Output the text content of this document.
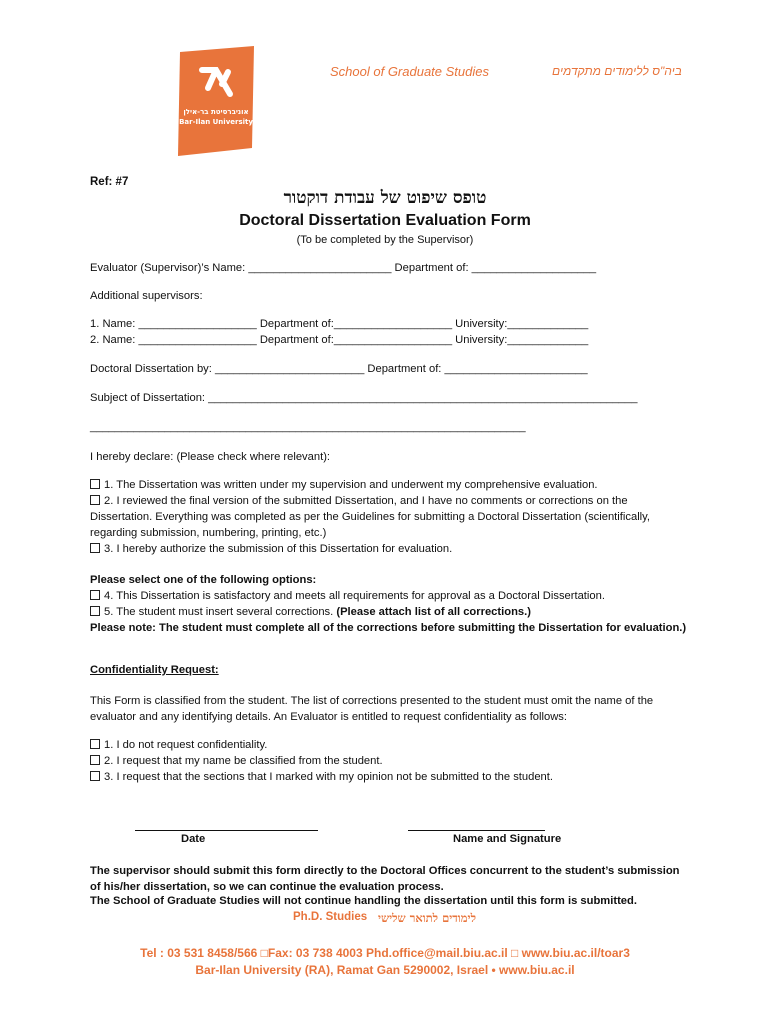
אוניברסיטת בר-אילן
Bar-Ilan University
School of Graduate Studies	ביה"ס ללימודים מתקדמים
Ref: #7
טופס שיפוט של עבודת דוקטור
Doctoral Dissertation Evaluation Form
(To be completed by the Supervisor)
Evaluator (Supervisor)’s Name: _______________________ Department of: ____________________
Additional supervisors:
1. Name: ___________________ Department of:___________________ University:_____________
2. Name: ___________________ Department of:___________________ University:_____________
Doctoral Dissertation by: ________________________ Department of: _______________________
Subject of Dissertation: _____________________________________________________________________
______________________________________________________________________
I hereby declare: (Please check where relevant):
1. The Dissertation was written under my supervision and underwent my comprehensive evaluation.
2. I reviewed the final version of the submitted Dissertation, and I have no comments or corrections on the Dissertation. Everything was completed as per the Guidelines for submitting a Doctoral Dissertation (scientifically, regarding submission, numbering, printing, etc.)
3. I hereby authorize the submission of this Dissertation for evaluation.
Please select one of the following options:
4. This Dissertation is satisfactory and meets all requirements for approval as a Doctoral Dissertation.
5. The student must insert several corrections. (Please attach list of all corrections.)
Please note: The student must complete all of the corrections before submitting the Dissertation for evaluation.)
Confidentiality Request:
This Form is classified from the student. The list of corrections presented to the student must omit the name of the evaluator and any identifying details. An Evaluator is entitled to request confidentiality as follows:
1. I do not request confidentiality.
2. I request that my name be classified from the student.
3. I request that the sections that I marked with my opinion not be submitted to the student.
Date	Name and Signature
The supervisor should submit this form directly to the Doctoral Offices concurrent to the student’s submission of his/her dissertation, so we can continue the evaluation process.
The School of Graduate Studies will not continue handling the dissertation until this form is submitted.
Ph.D. Studies לימודים לתואר שלישי
Tel : 03 531 8458/566 □Fax: 03 738 4003 Phd.office@mail.biu.ac.il □ www.biu.ac.il/toar3
Bar-Ilan University (RA), Ramat Gan 5290002, Israel • www.biu.ac.il
